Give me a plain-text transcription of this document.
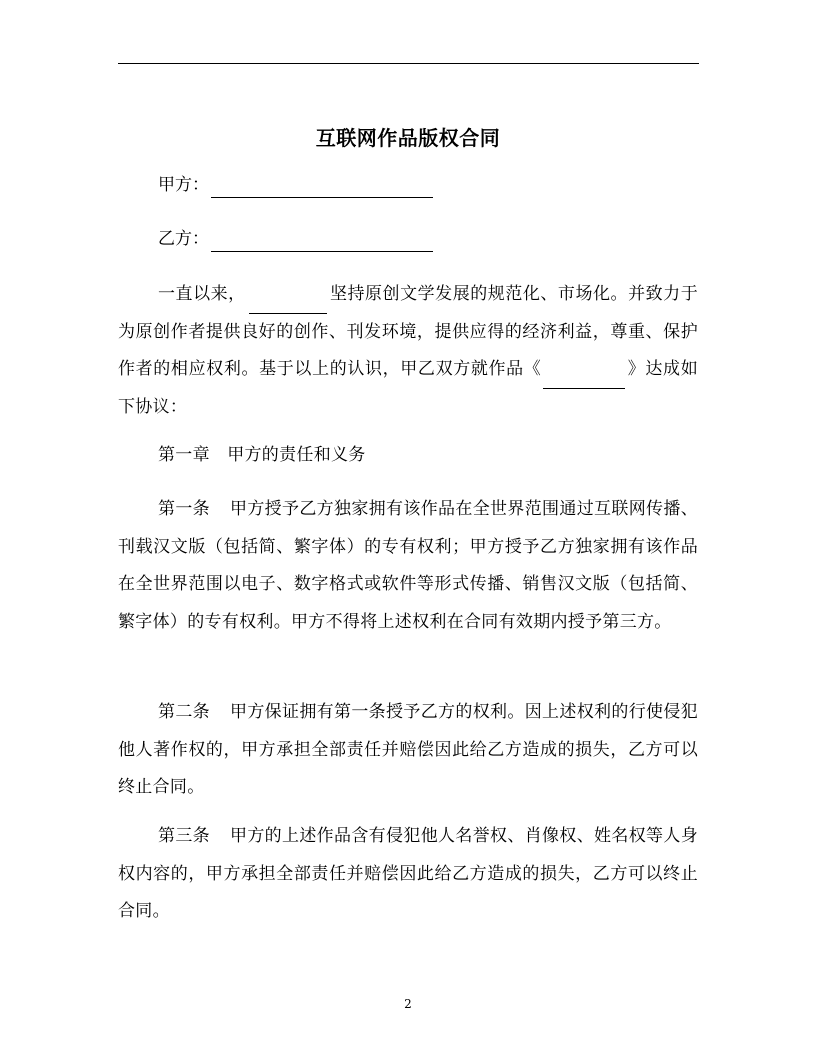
互联网作品版权合同
甲方：
乙方：

一直以来，	坚持原创文学发展的规范化、市场化。并致力于为原创作者提供良好的创作、刊发环境，提供应得的经济利益，尊重、保护作者的相应权利。基于以上的认识，甲乙双方就作品《	》达成如下协议：

第一章　甲方的责任和义务

第一条 甲方授予乙方独家拥有该作品在全世界范围通过互联网传播、刊载汉文版（包括简、繁字体）的专有权利；甲方授予乙方独家拥有该作品在全世界范围以电子、数字格式或软件等形式传播、销售汉文版（包括简、繁字体）的专有权利。甲方不得将上述权利在合同有效期内授予第三方。

第二条 甲方保证拥有第一条授予乙方的权利。因上述权利的行使侵犯他人著作权的，甲方承担全部责任并赔偿因此给乙方造成的损失，乙方可以终止合同。

第三条 甲方的上述作品含有侵犯他人名誉权、肖像权、姓名权等人身权内容的，甲方承担全部责任并赔偿因此给乙方造成的损失，乙方可以终止合同。

2
